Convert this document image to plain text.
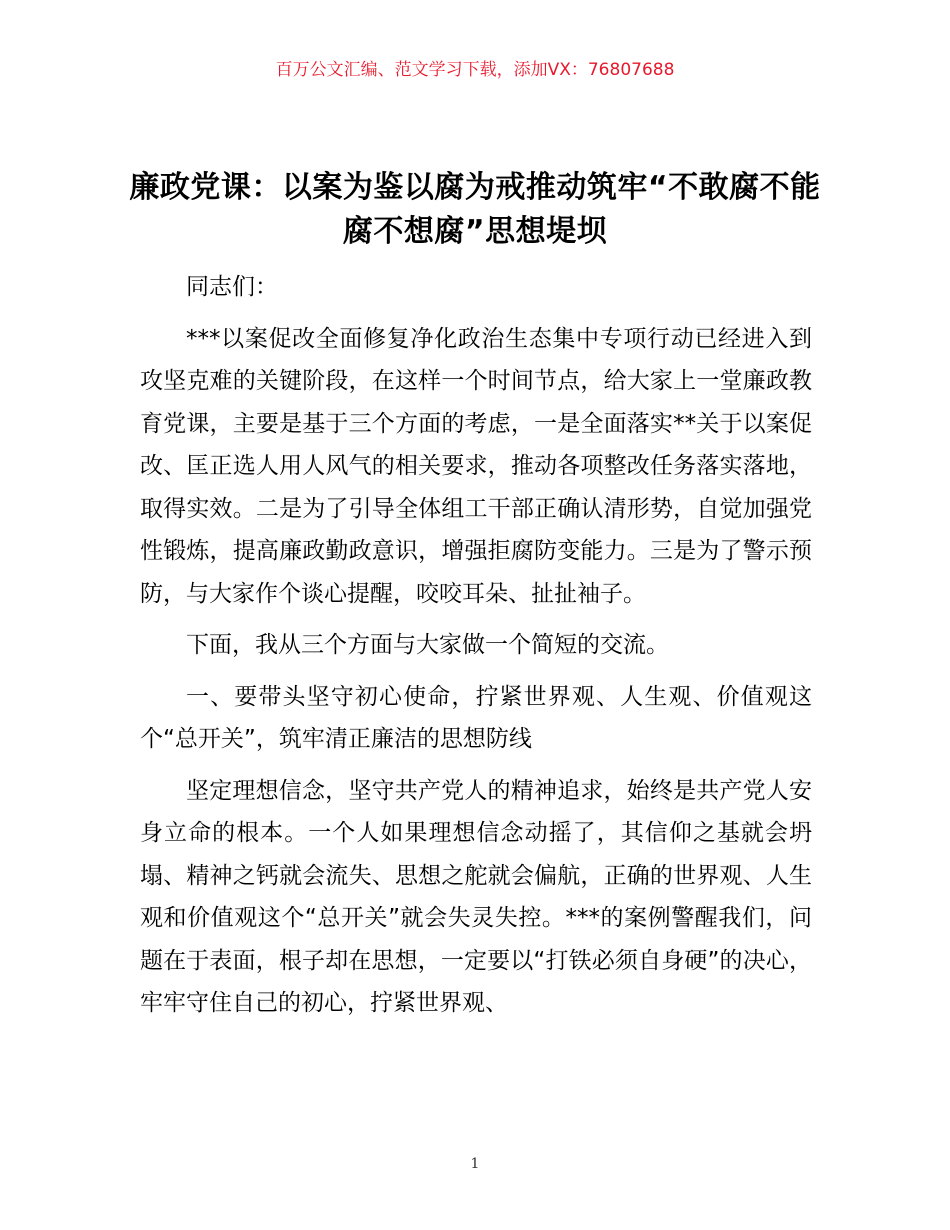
百万公文汇编、范文学习下载，添加VX：76807688
廉政党课：以案为鉴以腐为戒推动筑牢“不敢腐不能腐不想腐”思想堤坝

同志们：

***以案促改全面修复净化政治生态集中专项行动已经进入到攻坚克难的关键阶段，在这样一个时间节点，给大家上一堂廉政教育党课，主要是基于三个方面的考虑，一是全面落实**关于以案促改、匡正选人用人风气的相关要求，推动各项整改任务落实落地，取得实效。二是为了引导全体组工干部正确认清形势，自觉加强党性锻炼，提高廉政勤政意识，增强拒腐防变能力。三是为了警示预防，与大家作个谈心提醒，咬咬耳朵、扯扯袖子。

下面，我从三个方面与大家做一个简短的交流。

一、要带头坚守初心使命，拧紧世界观、人生观、价值观这个“总开关”，筑牢清正廉洁的思想防线

坚定理想信念，坚守共产党人的精神追求，始终是共产党人安身立命的根本。一个人如果理想信念动摇了，其信仰之基就会坍塌、精神之钙就会流失、思想之舵就会偏航，正确的世界观、人生观和价值观这个“总开关”就会失灵失控。***的案例警醒我们，问题在于表面，根子却在思想，一定要以“打铁必须自身硬”的决心，牢牢守住自己的初心，拧紧世界观、

1
